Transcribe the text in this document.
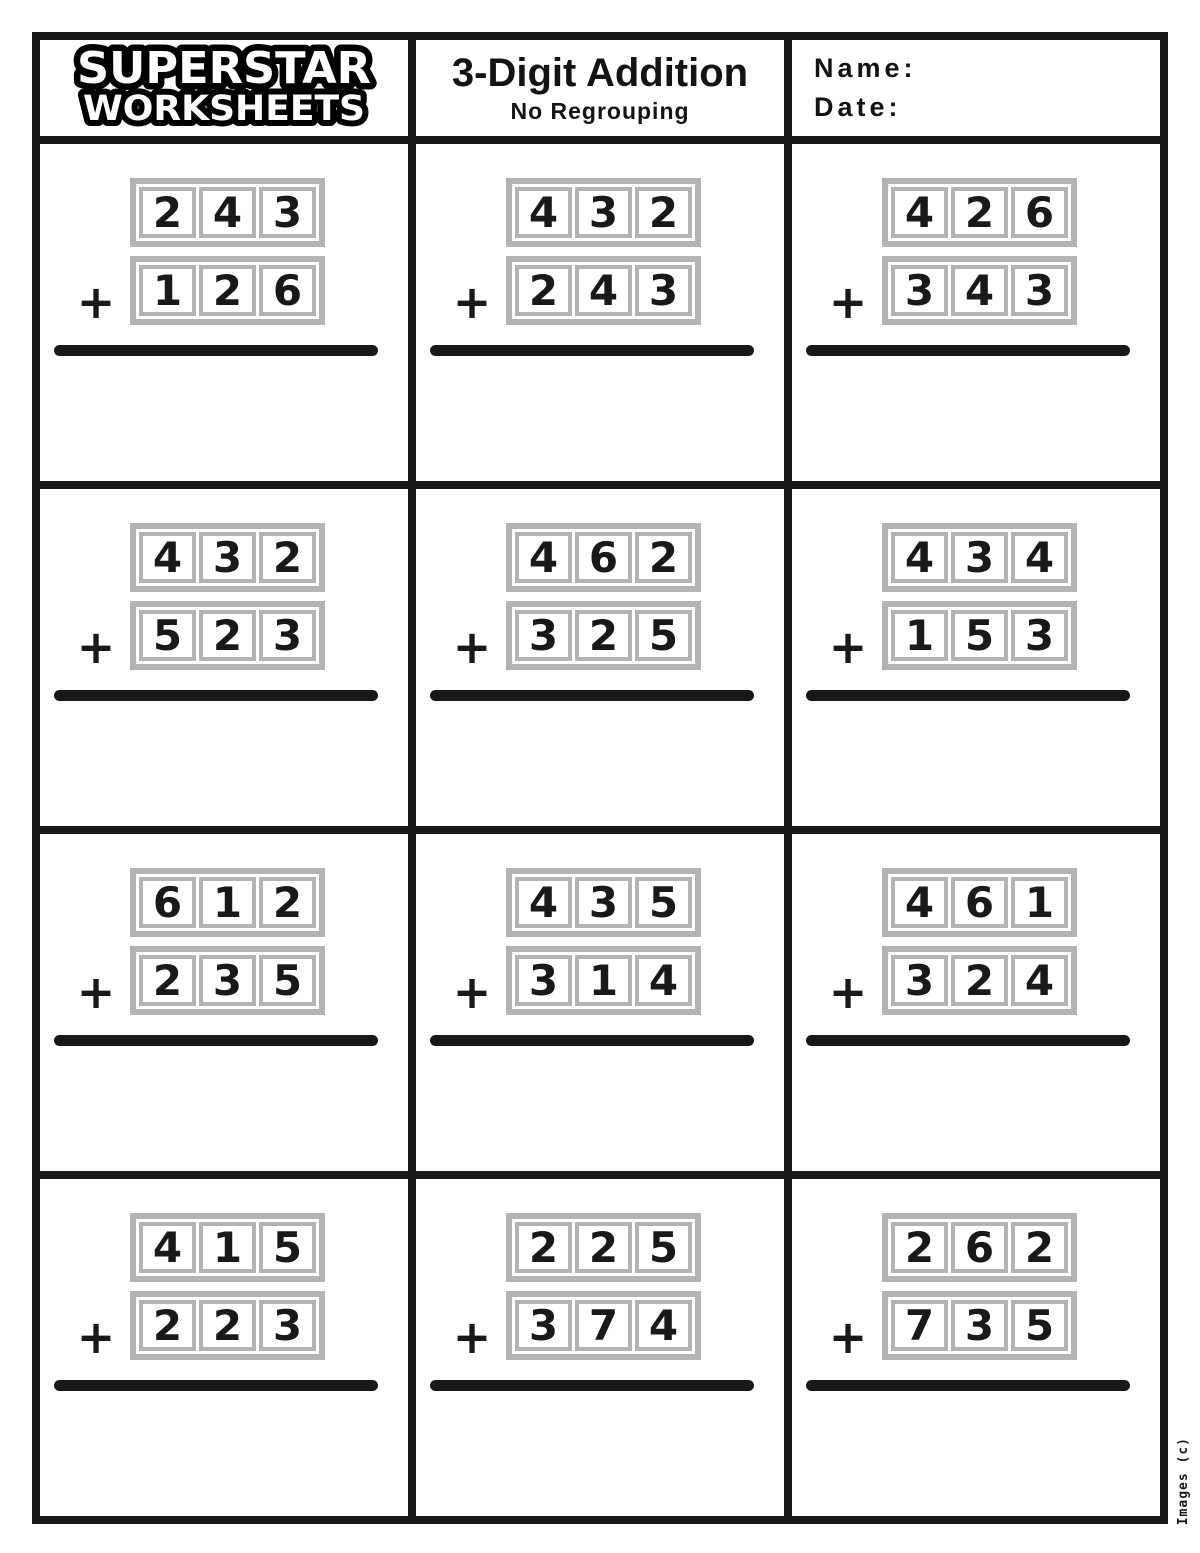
SUPERSTAR
WORKSHEETS
3-Digit Addition
No Regrouping
Name:
Date:
+ $\frac{2 4 3}{1 2 6}$	+ $\frac{4 3 2}{2 4 3}$	+ $\frac{4 2 6}{3 4 3}$
+ $\frac{4 3 2}{5 2 3}$	+ $\frac{4 6 2}{3 2 5}$	+ $\frac{4 3 4}{1 5 3}$
+ $\frac{6 1 2}{2 3 5}$	+ $\frac{4 3 5}{3 1 4}$	+ $\frac{4 6 1}{3 2 4}$
+ $\frac{4 1 5}{2 2 3}$	+ $\frac{2 2 5}{3 7 4}$	+ $\frac{2 6 2}{7 3 5}$
Images (c)
